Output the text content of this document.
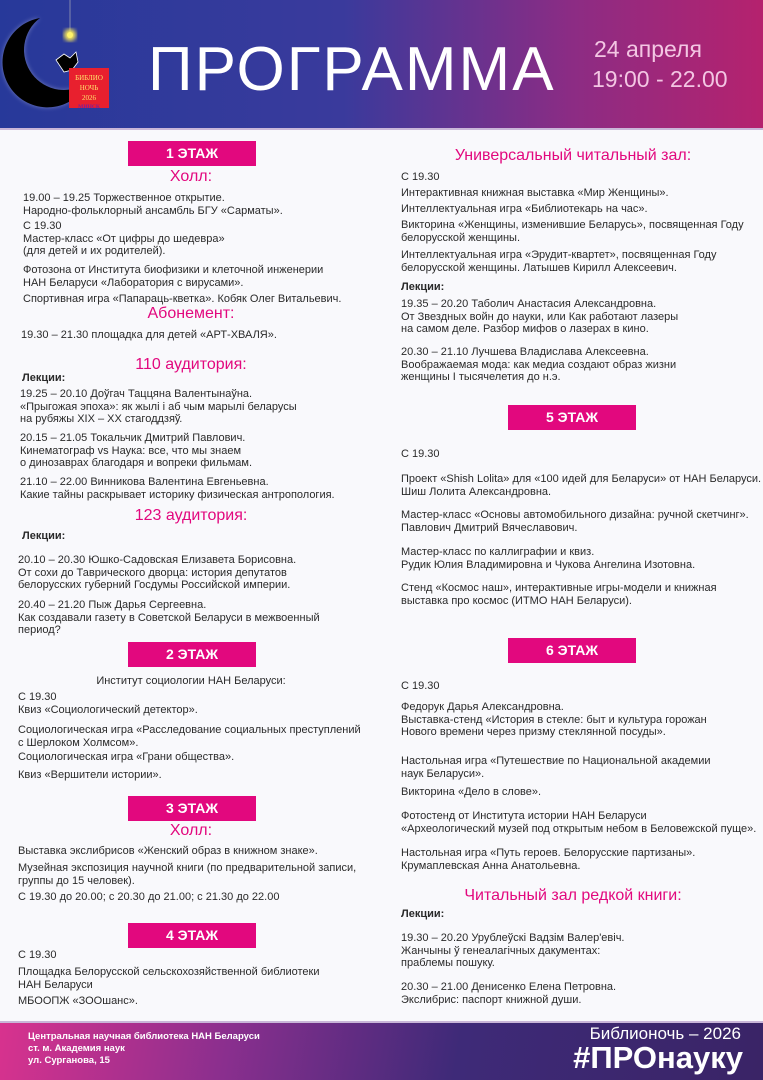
БИБЛИО
НОЧЬ
2026
МИНСК
ПРОГРАММА 24 апреля
19:00 - 22.00
1 ЭТАЖ
Холл:
19.00 – 19.25 Торжественное открытие.
Народно-фольклорный ансамбль БГУ «Сарматы».
С 19.30
Мастер-класс «От цифры до шедевра»
(для детей и их родителей).
Фотозона от Института биофизики и клеточной инженерии
НАН Беларуси «Лаборатория с вирусами».
Спортивная игра «Папараць-кветка». Кобяк Олег Витальевич.
Абонемент:
19.30 – 21.30 площадка для детей «АРТ-ХВАЛЯ».
110 аудитория:
Лекции:
19.25 – 20.10 Доўгач Таццяна Валентынаўна.
«Прыгожая эпоха»: як жылі і аб чым марылі беларусы
на рубяжы XIX – XX стагоддзяў.
20.15 – 21.05 Токальчик Дмитрий Павлович.
Кинематограф vs Наука: все, что мы знаем
о динозаврах благодаря и вопреки фильмам.
21.10 – 22.00 Винникова Валентина Евгеньевна.
Какие тайны раскрывает историку физическая антропология.
123 аудитория:
Лекции:
20.10 – 20.30 Юшко-Садовская Елизавета Борисовна.
От сохи до Таврического дворца: история депутатов
белорусских губерний Госдумы Российской империи.
20.40 – 21.20 Пыж Дарья Сергеевна.
Как создавали газету в Советской Беларуси в межвоенный
период?
2 ЭТАЖ
Институт социологии НАН Беларуси:
С 19.30
Квиз «Социологический детектор».
Социологическая игра «Расследование социальных преступлений
с Шерлоком Холмсом».
Социологическая игра «Грани общества».
Квиз «Вершители истории».
3 ЭТАЖ
Холл:
Выставка экслибрисов «Женский образ в книжном знаке».
Музейная экспозиция научной книги (по предварительной записи,
группы до 15 человек).
С 19.30 до 20.00; с 20.30 до 21.00; с 21.30 до 22.00
4 ЭТАЖ
С 19.30
Площадка Белорусской сельскохозяйственной библиотеки
НАН Беларуси
МБООПЖ «ЗООшанс».
Универсальный читальный зал:
С 19.30
Интерактивная книжная выставка «Мир Женщины».
Интеллектуальная игра «Библиотекарь на час».
Викторина «Женщины, изменившие Беларусь», посвященная Году
белорусской женщины.
Интеллектуальная игра «Эрудит-квартет», посвященная Году
белорусской женщины. Латышев Кирилл Алексеевич.
Лекции:
19.35 – 20.20 Таболич Анастасия Александровна.
От Звездных войн до науки, или Как работают лазеры
на самом деле. Разбор мифов о лазерах в кино.
20.30 – 21.10 Лучшева Владислава Алексеевна.
Воображаемая мода: как медиа создают образ жизни
женщины I тысячелетия до н.э.
5 ЭТАЖ
С 19.30
Проект «Shish Lolita» для «100 идей для Беларуси» от НАН Беларуси.
Шиш Лолита Александровна.
Мастер-класс «Основы автомобильного дизайна: ручной скетчинг».
Павлович Дмитрий Вячеславович.
Мастер-класс по каллиграфии и квиз.
Рудик Юлия Владимировна и Чукова Ангелина Изотовна.
Стенд «Космос наш», интерактивные игры-модели и книжная
выставка про космос (ИТМО НАН Беларуси).
6 ЭТАЖ
С 19.30
Федорук Дарья Александровна.
Выставка-стенд «История в стекле: быт и культура горожан
Нового времени через призму стеклянной посуды».
Настольная игра «Путешествие по Национальной академии
наук Беларуси».
Викторина «Дело в слове».
Фотостенд от Института истории НАН Беларуси
«Археологический музей под открытым небом в Беловежской пуще».
Настольная игра «Путь героев. Белорусские партизаны».
Крумаплевская Анна Анатольевна.
Читальный зал редкой книги:
Лекции:
19.30 – 20.20 Урублеўскі Вадзім Валер'евіч.
Жанчыны ў генеалагічных дакументах:
праблемы пошуку.
20.30 – 21.00 Денисенко Елена Петровна.
Экслибрис: паспорт книжной души.
Центральная научная библиотека НАН Беларуси
ст. м. Академия наук
ул. Сурганова, 15
Библионочь – 2026
#ПРОнауку
